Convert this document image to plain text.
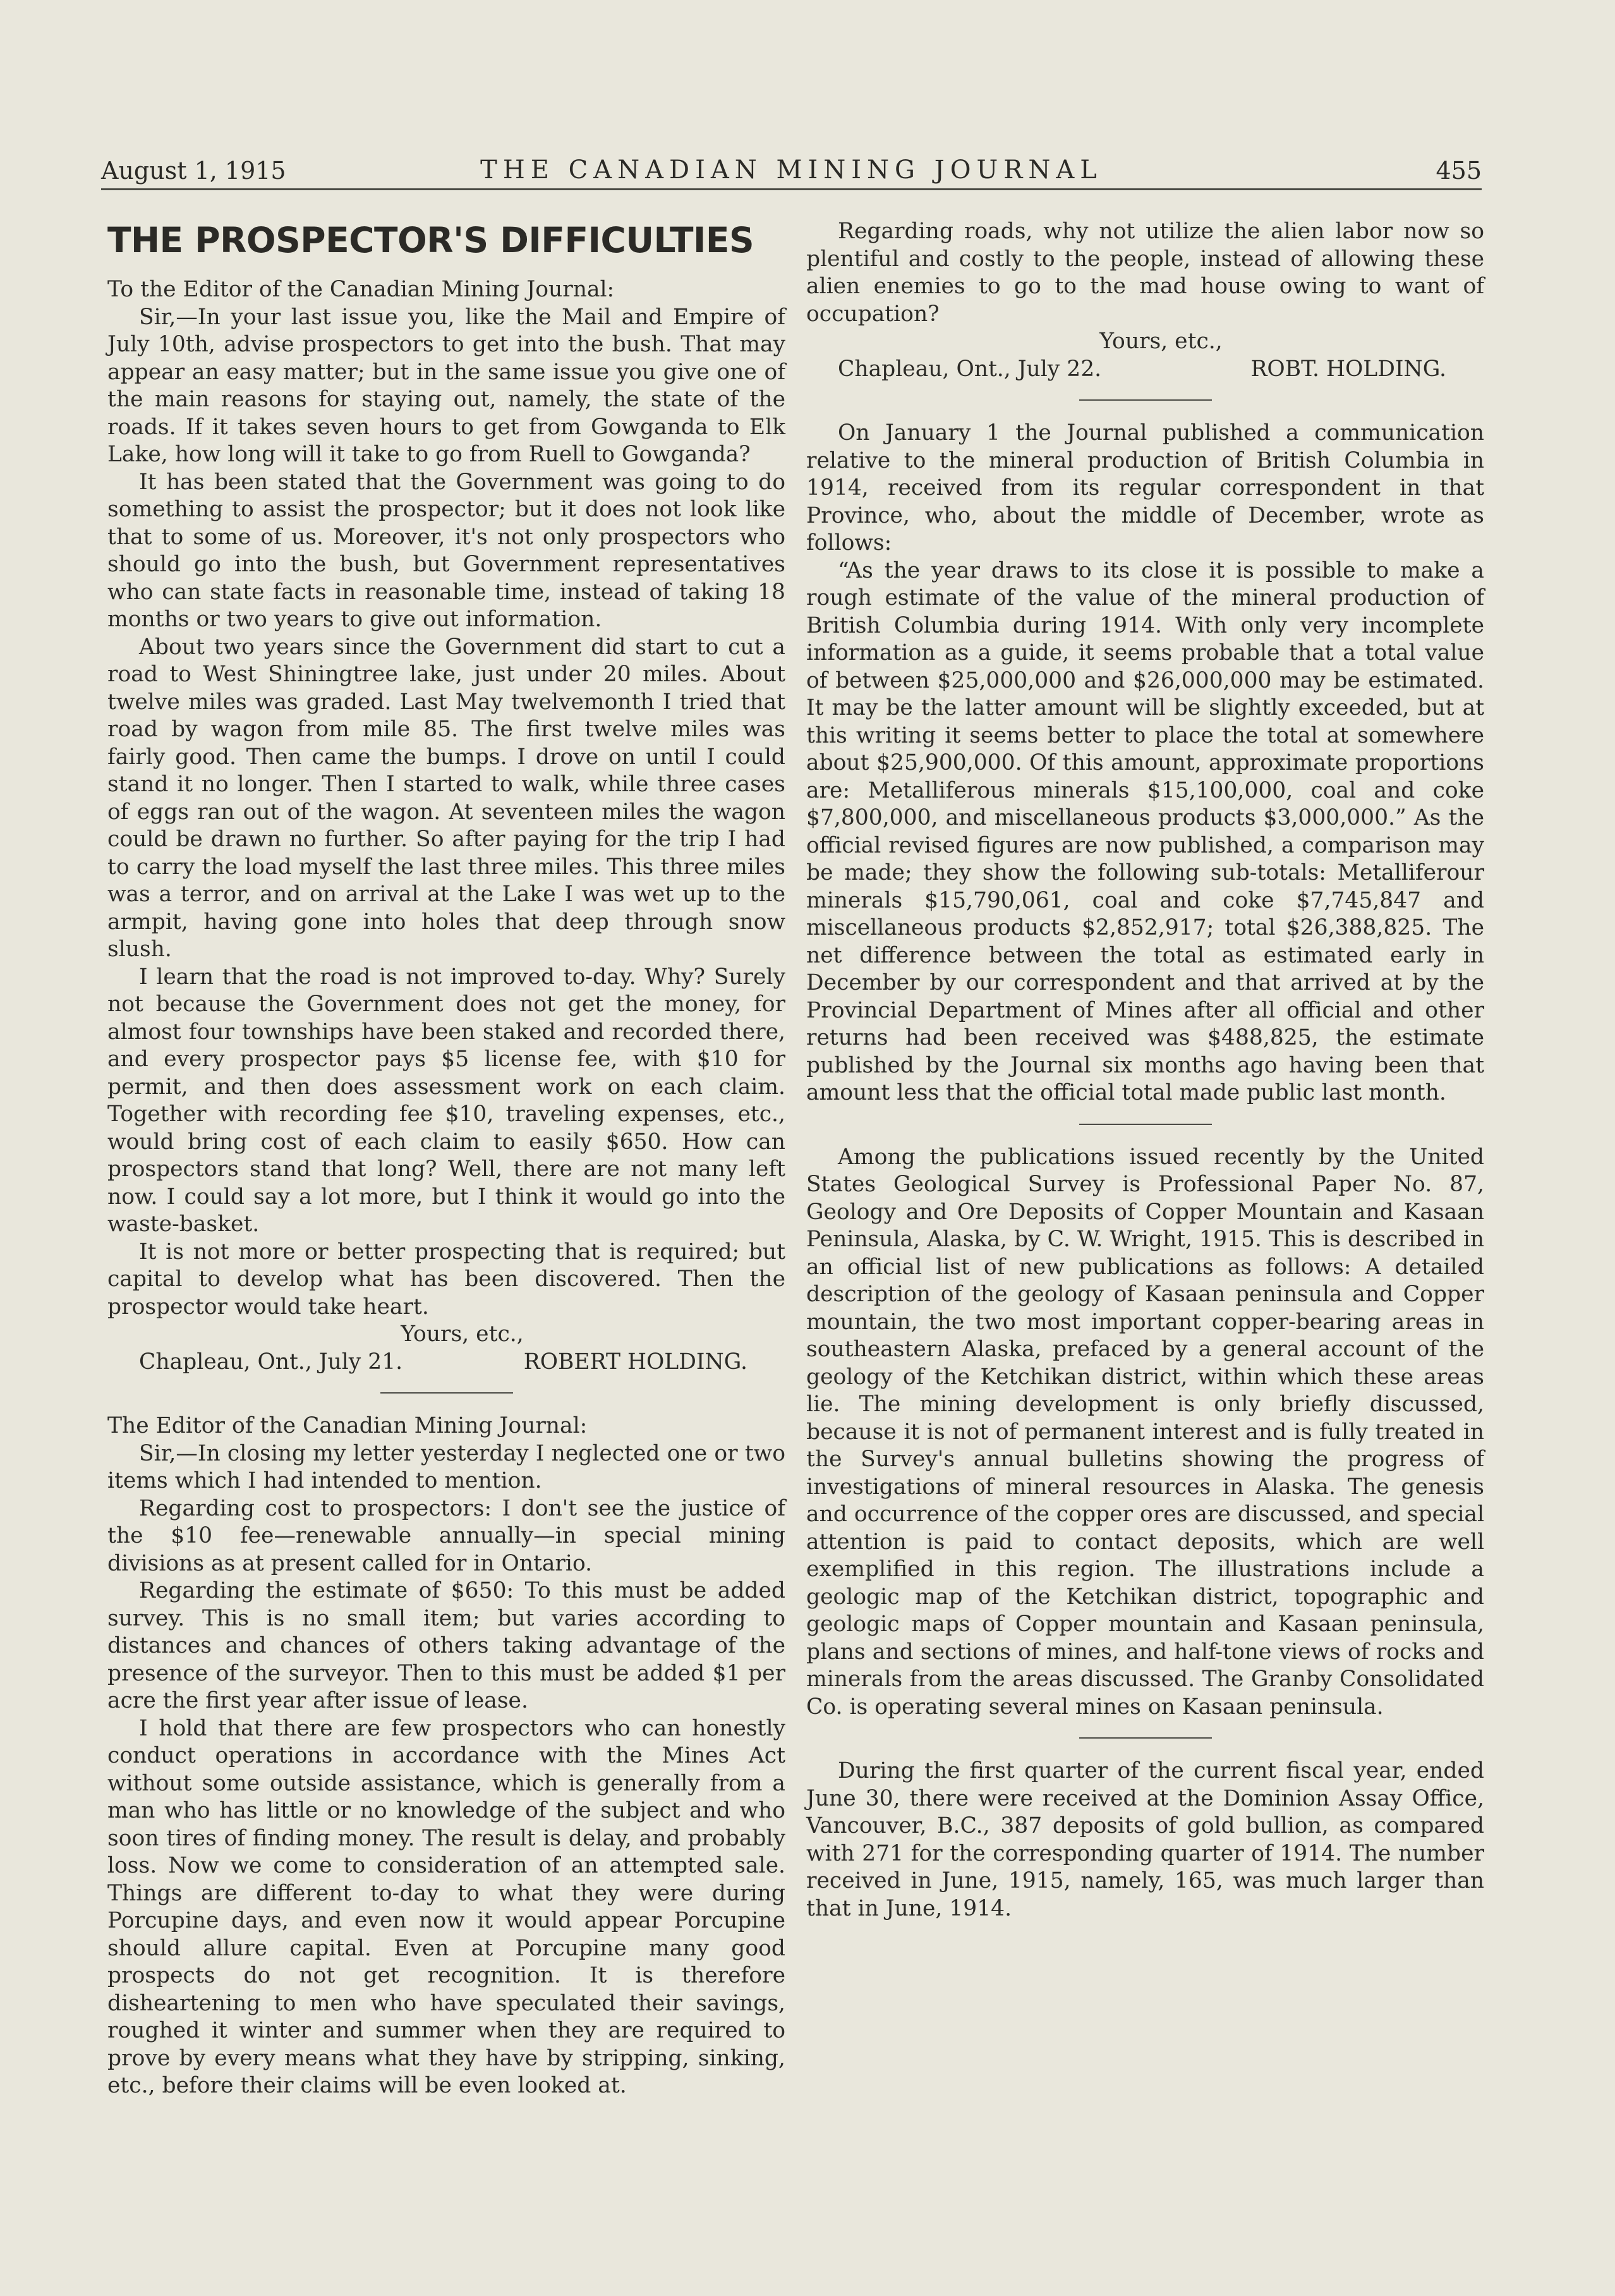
August 1, 1915	THE CANADIAN MINING JOURNAL	455
THE PROSPECTOR'S DIFFICULTIES

To the Editor of the Canadian Mining Journal:

Sir,—In your last issue you, like the Mail and Empire of July 10th, advise prospectors to get into the bush. That may appear an easy matter; but in the same issue you give one of the main reasons for staying out, namely, the state of the roads. If it takes seven hours to get from Gowganda to Elk Lake, how long will it take to go from Ruell to Gowganda?

It has been stated that the Government was going to do something to assist the prospector; but it does not look like that to some of us. Moreover, it's not only prospectors who should go into the bush, but Government representatives who can state facts in reasonable time, instead of taking 18 months or two years to give out information.

About two years since the Government did start to cut a road to West Shiningtree lake, just under 20 miles. About twelve miles was graded. Last May twelvemonth I tried that road by wagon from mile 85. The first twelve miles was fairly good. Then came the bumps. I drove on until I could stand it no longer. Then I started to walk, while three cases of eggs ran out of the wagon. At seventeen miles the wagon could be drawn no further. So after paying for the trip I had to carry the load myself the last three miles. This three miles was a terror, and on arrival at the Lake I was wet up to the armpit, having gone into holes that deep through snow slush.

I learn that the road is not improved to-day. Why? Surely not because the Government does not get the money, for almost four townships have been staked and recorded there, and every prospector pays $5 license fee, with $10 for permit, and then does assessment work on each claim. Together with recording fee $10, traveling expenses, etc., would bring cost of each claim to easily $650. How can prospectors stand that long? Well, there are not many left now. I could say a lot more, but I think it would go into the waste-basket.

It is not more or better prospecting that is required; but capital to develop what has been discovered. Then the prospector would take heart.

Yours, etc.,

Chapleau, Ont., July 21.	ROBERT HOLDING.

The Editor of the Canadian Mining Journal:

Sir,—In closing my letter yesterday I neglected one or two items which I had intended to mention.

Regarding cost to prospectors: I don't see the justice of the $10 fee—renewable annually—in special mining divisions as at present called for in Ontario.

Regarding the estimate of $650: To this must be added survey. This is no small item; but varies according to distances and chances of others taking advantage of the presence of the surveyor. Then to this must be added $1 per acre the first year after issue of lease.

I hold that there are few prospectors who can honestly conduct operations in accordance with the Mines Act without some outside assistance, which is generally from a man who has little or no knowledge of the subject and who soon tires of finding money. The result is delay, and probably loss. Now we come to consideration of an attempted sale. Things are different to-day to what they were during Porcupine days, and even now it would appear Porcupine should allure capital. Even at Porcupine many good prospects do not get recognition. It is therefore disheartening to men who have speculated their savings, roughed it winter and summer when they are required to prove by every means what they have by stripping, sinking, etc., before their claims will be even looked at.

Regarding roads, why not utilize the alien labor now so plentiful and costly to the people, instead of allowing these alien enemies to go to the mad house owing to want of occupation?

Yours, etc.,

Chapleau, Ont., July 22.	ROBT. HOLDING.

On January 1 the Journal published a communication relative to the mineral production of British Columbia in 1914, received from its regular correspondent in that Province, who, about the middle of December, wrote as follows:

“As the year draws to its close it is possible to make a rough estimate of the value of the mineral production of British Columbia during 1914. With only very incomplete information as a guide, it seems probable that a total value of between $25,000,000 and $26,000,000 may be estimated. It may be the latter amount will be slightly exceeded, but at this writing it seems better to place the total at somewhere about $25,900,000. Of this amount, approximate proportions are: Metalliferous minerals $15,100,000, coal and coke $7,800,000, and miscellaneous products $3,000,000.” As the official revised figures are now published, a comparison may be made; they show the following sub-totals: Metalliferour minerals $15,790,061, coal and coke $7,745,847 and miscellaneous products $2,852,917; total $26,388,825. The net difference between the total as estimated early in December by our correspondent and that arrived at by the Provincial Department of Mines after all official and other returns had been received was $488,825, the estimate published by the Journal six months ago having been that amount less that the official total made public last month.

Among the publications issued recently by the United States Geological Survey is Professional Paper No. 87, Geology and Ore Deposits of Copper Mountain and Kasaan Peninsula, Alaska, by C. W. Wright, 1915. This is described in an official list of new publications as follows: A detailed description of the geology of Kasaan peninsula and Copper mountain, the two most important copper-bearing areas in southeastern Alaska, prefaced by a general account of the geology of the Ketchikan district, within which these areas lie. The mining development is only briefly discussed, because it is not of permanent interest and is fully treated in the Survey's annual bulletins showing the progress of investigations of mineral resources in Alaska. The genesis and occurrence of the copper ores are discussed, and special attention is paid to contact deposits, which are well exemplified in this region. The illustrations include a geologic map of the Ketchikan district, topographic and geologic maps of Copper mountain and Kasaan peninsula, plans and sections of mines, and half-tone views of rocks and minerals from the areas discussed. The Granby Consolidated Co. is operating several mines on Kasaan peninsula.

During the first quarter of the current fiscal year, ended June 30, there were received at the Dominion Assay Office, Vancouver, B.C., 387 deposits of gold bullion, as compared with 271 for the corresponding quarter of 1914. The number received in June, 1915, namely, 165, was much larger than that in June, 1914.
